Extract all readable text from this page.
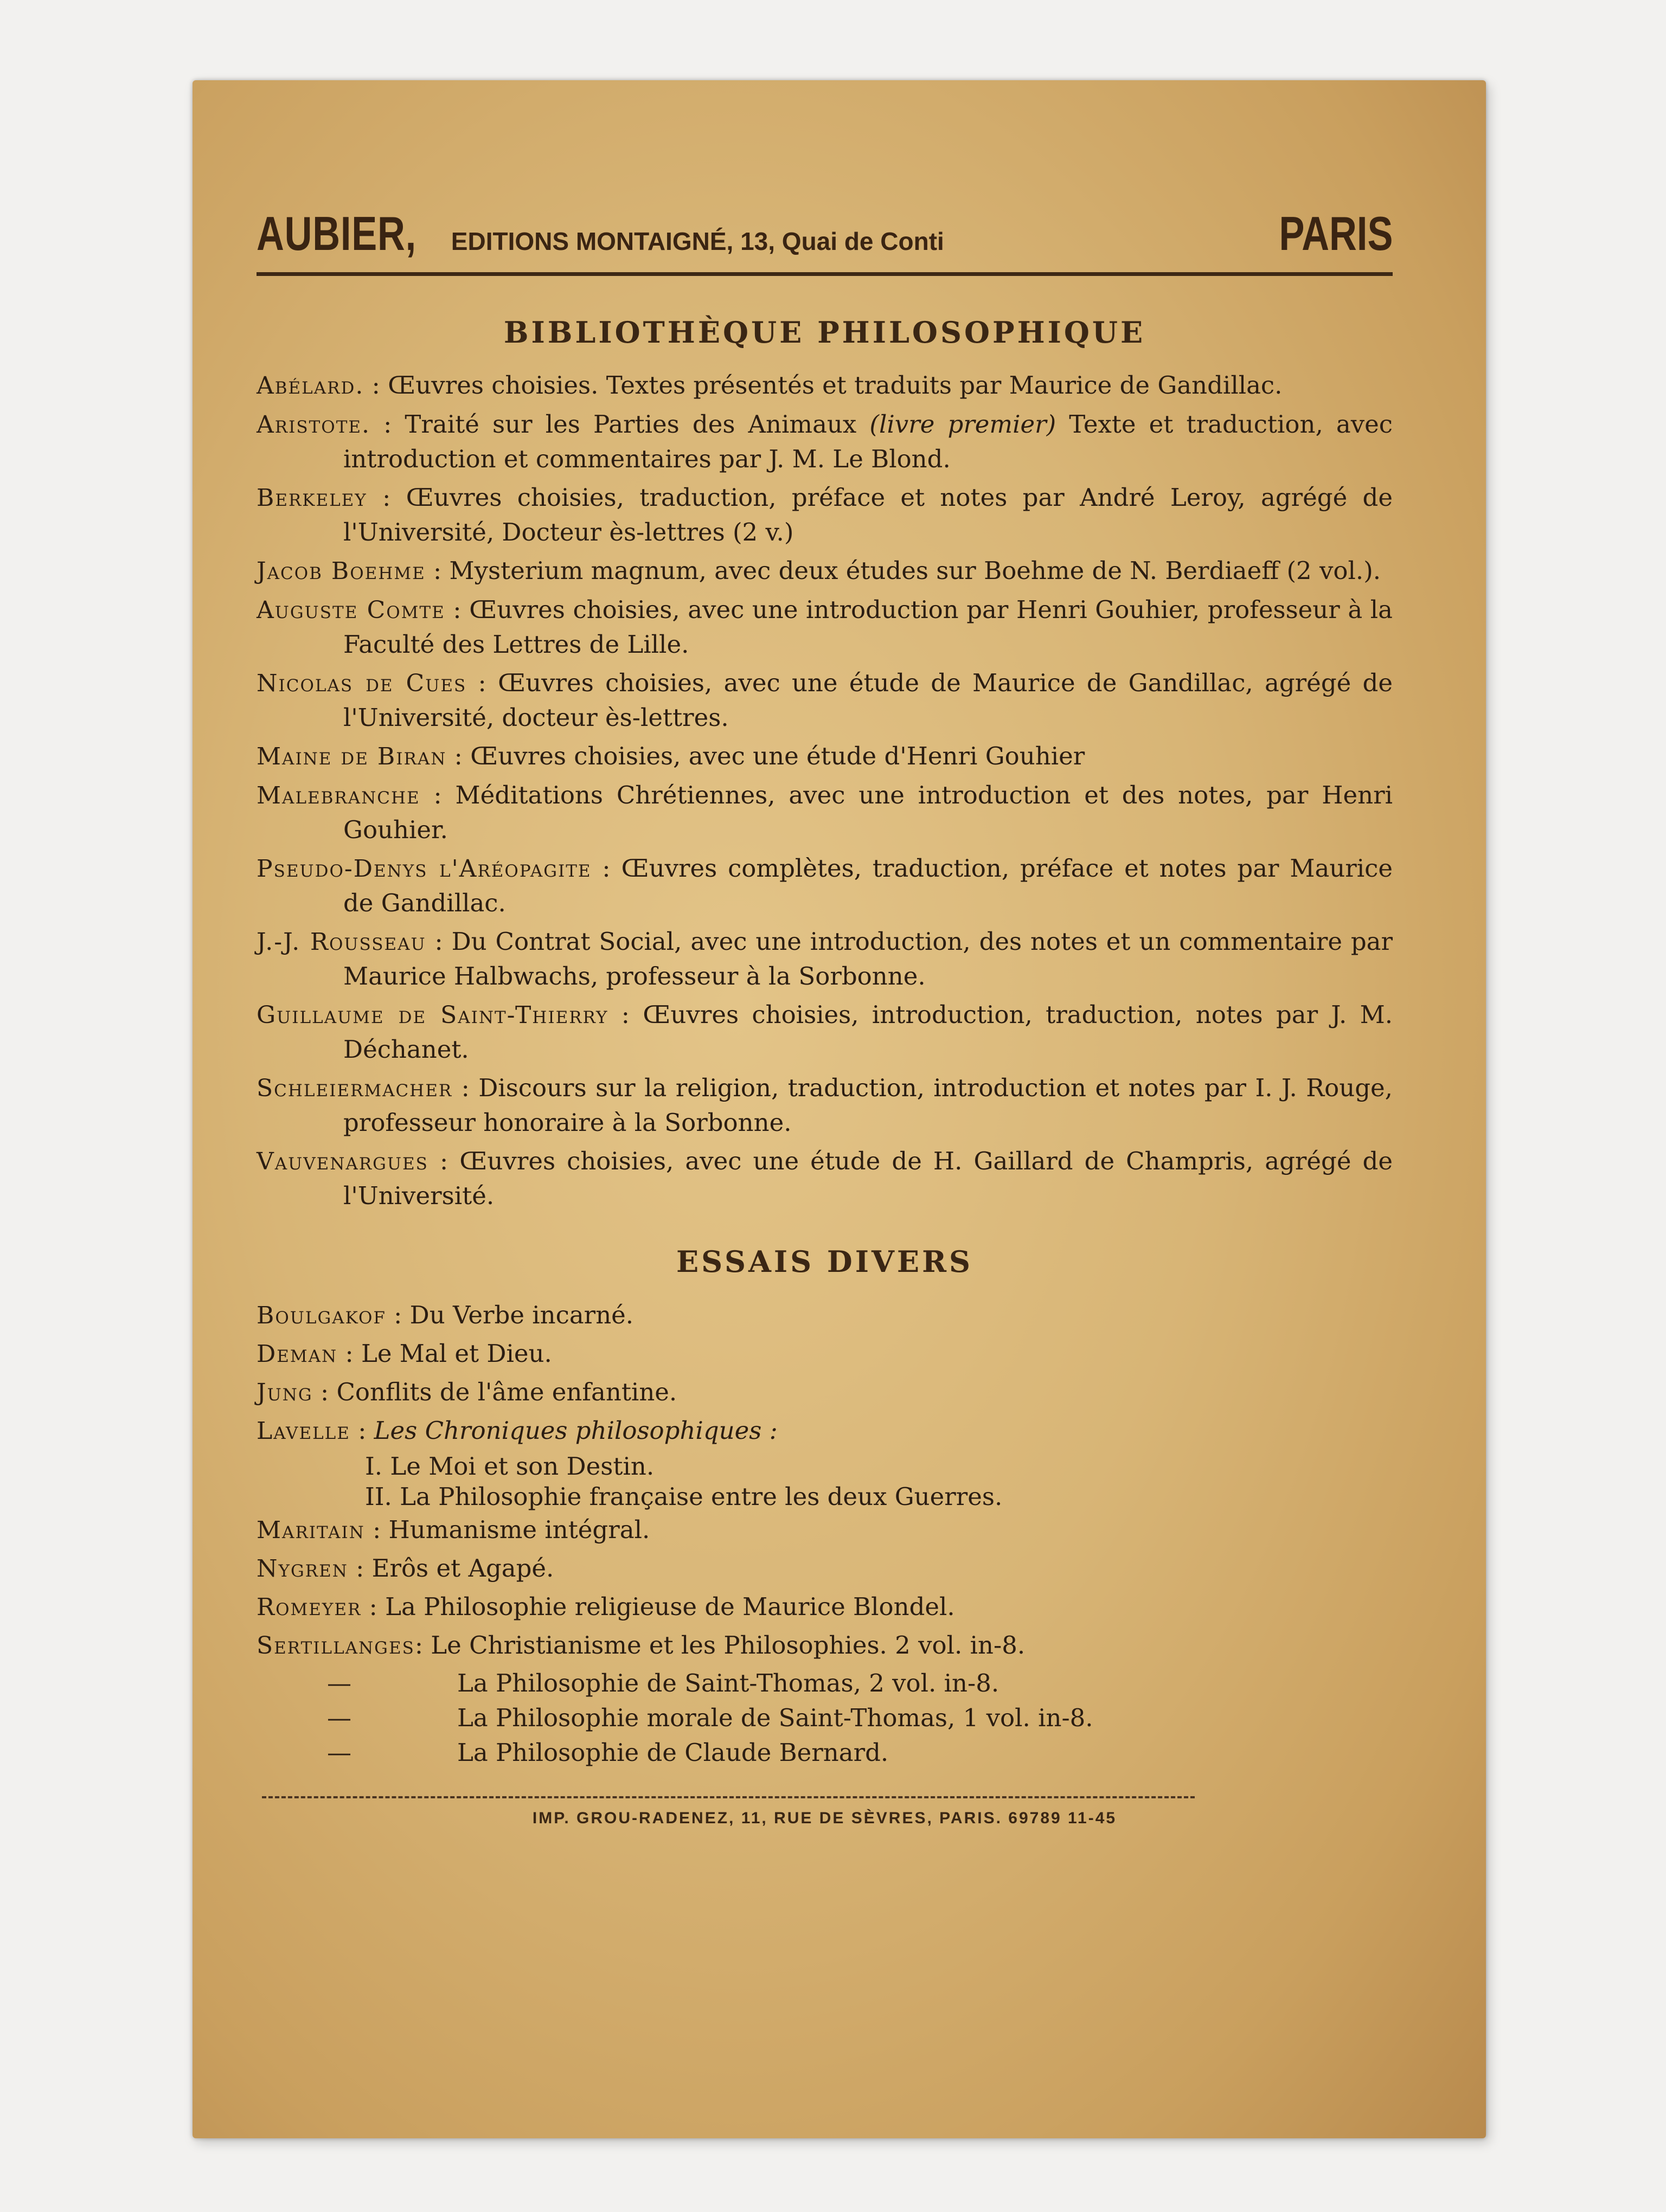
AUBIER, EDITIONS MONTAIGNÉ, 13, Quai de Conti	PARIS
BIBLIOTHÈQUE PHILOSOPHIQUE
Abélard. : Œuvres choisies. Textes présentés et traduits par Maurice de Gandillac.
Aristote. : Traité sur les Parties des Animaux (livre premier) Texte et traduction, avec introduction et commentaires par J. M. Le Blond.
Berkeley : Œuvres choisies, traduction, préface et notes par André Leroy, agrégé de l'Université, Docteur ès-lettres (2 v.)
Jacob Boehme : Mysterium magnum, avec deux études sur Boehme de N. Berdiaeff (2 vol.).
Auguste Comte : Œuvres choisies, avec une introduction par Henri Gouhier, professeur à la Faculté des Lettres de Lille.
Nicolas de Cues : Œuvres choisies, avec une étude de Maurice de Gandillac, agrégé de l'Université, docteur ès-lettres.
Maine de Biran : Œuvres choisies, avec une étude d'Henri Gouhier
Malebranche : Méditations Chrétiennes, avec une introduction et des notes, par Henri Gouhier.
Pseudo-Denys l'Aréopagite : Œuvres complètes, traduction, préface et notes par Maurice de Gandillac.
J.-J. Rousseau : Du Contrat Social, avec une introduction, des notes et un commentaire par Maurice Halbwachs, professeur à la Sorbonne.
Guillaume de Saint-Thierry : Œuvres choisies, introduction, traduction, notes par J. M. Déchanet.
Schleiermacher : Discours sur la religion, traduction, introduction et notes par I. J. Rouge, professeur honoraire à la Sorbonne.
Vauvenargues : Œuvres choisies, avec une étude de H. Gaillard de Champris, agrégé de l'Université.
ESSAIS DIVERS
Boulgakof : Du Verbe incarné.
Deman : Le Mal et Dieu.
Jung : Conflits de l'âme enfantine.
Lavelle : Les Chroniques philosophiques :
I. Le Moi et son Destin.
II. La Philosophie française entre les deux Guerres.
Maritain : Humanisme intégral.
Nygren : Erôs et Agapé.
Romeyer : La Philosophie religieuse de Maurice Blondel.
Sertillanges: Le Christianisme et les Philosophies. 2 vol. in-8.
—	La Philosophie de Saint-Thomas, 2 vol. in-8.
—	La Philosophie morale de Saint-Thomas, 1 vol. in-8.
—	La Philosophie de Claude Bernard.
IMP. GROU-RADENEZ, 11, RUE DE SÈVRES, PARIS. 69789 11-45
